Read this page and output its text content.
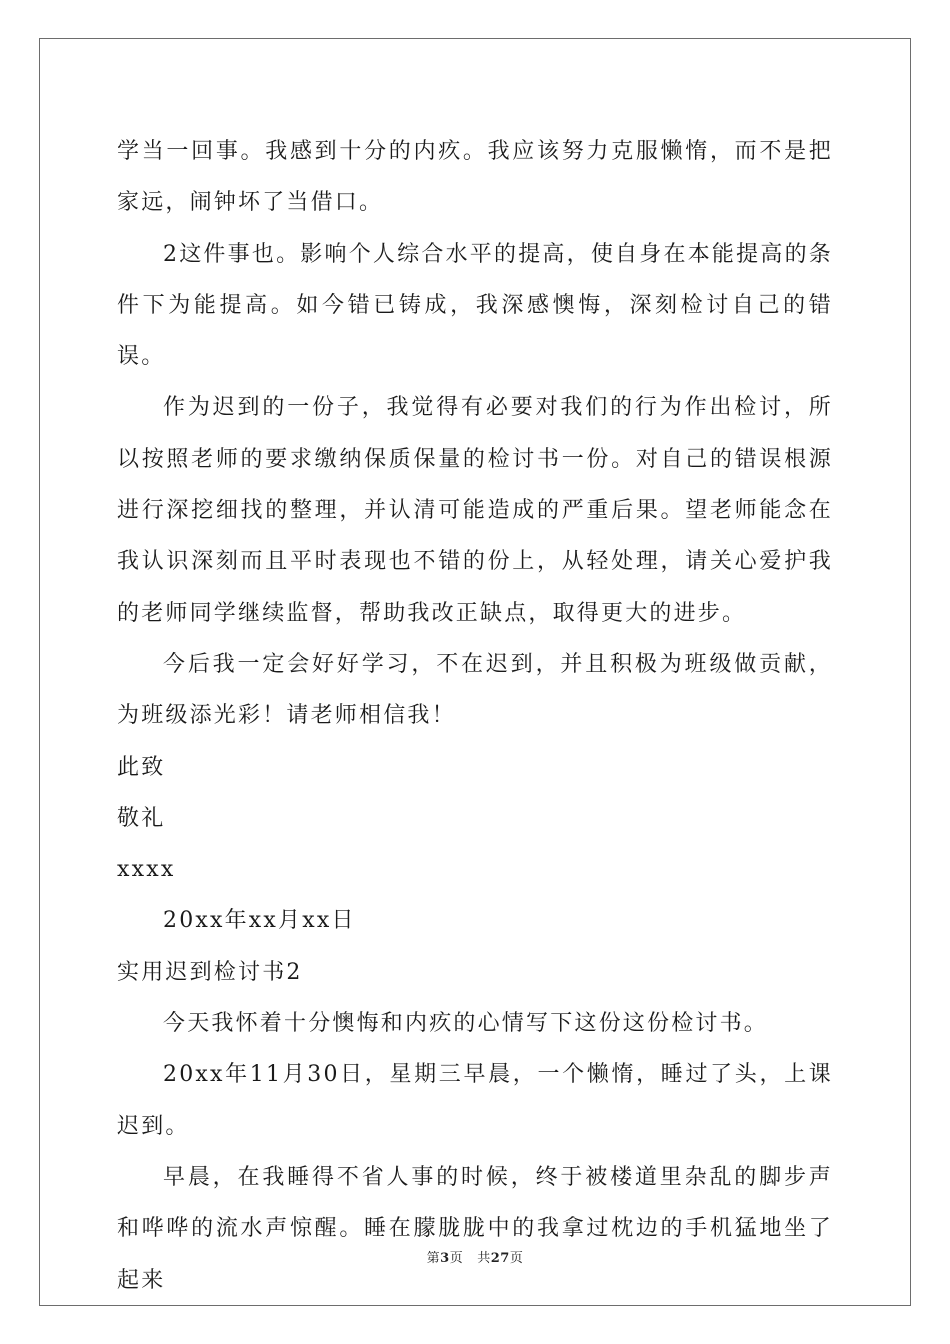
学当一回事。我感到十分的内疚。我应该努力克服懒惰，而不是把家远，闹钟坏了当借口。

2这件事也。影响个人综合水平的提高，使自身在本能提高的条件下为能提高。如今错已铸成，我深感懊悔，深刻检讨自己的错误。

作为迟到的一份子，我觉得有必要对我们的行为作出检讨，所以按照老师的要求缴纳保质保量的检讨书一份。对自己的错误根源进行深挖细找的整理，并认清可能造成的严重后果。望老师能念在我认识深刻而且平时表现也不错的份上，从轻处理，请关心爱护我的老师同学继续监督，帮助我改正缺点，取得更大的进步。

今后我一定会好好学习，不在迟到，并且积极为班级做贡献，为班级添光彩！请老师相信我！

此致

敬礼

xxxx

20xx年xx月xx日

实用迟到检讨书2

今天我怀着十分懊悔和内疚的心情写下这份这份检讨书。

20xx年11月30日，星期三早晨，一个懒惰，睡过了头，上课迟到。

早晨，在我睡得不省人事的时候，终于被楼道里杂乱的脚步声和哗哗的流水声惊醒。睡在朦胧胧中的我拿过枕边的手机猛地坐了起来

第3页 共27页
